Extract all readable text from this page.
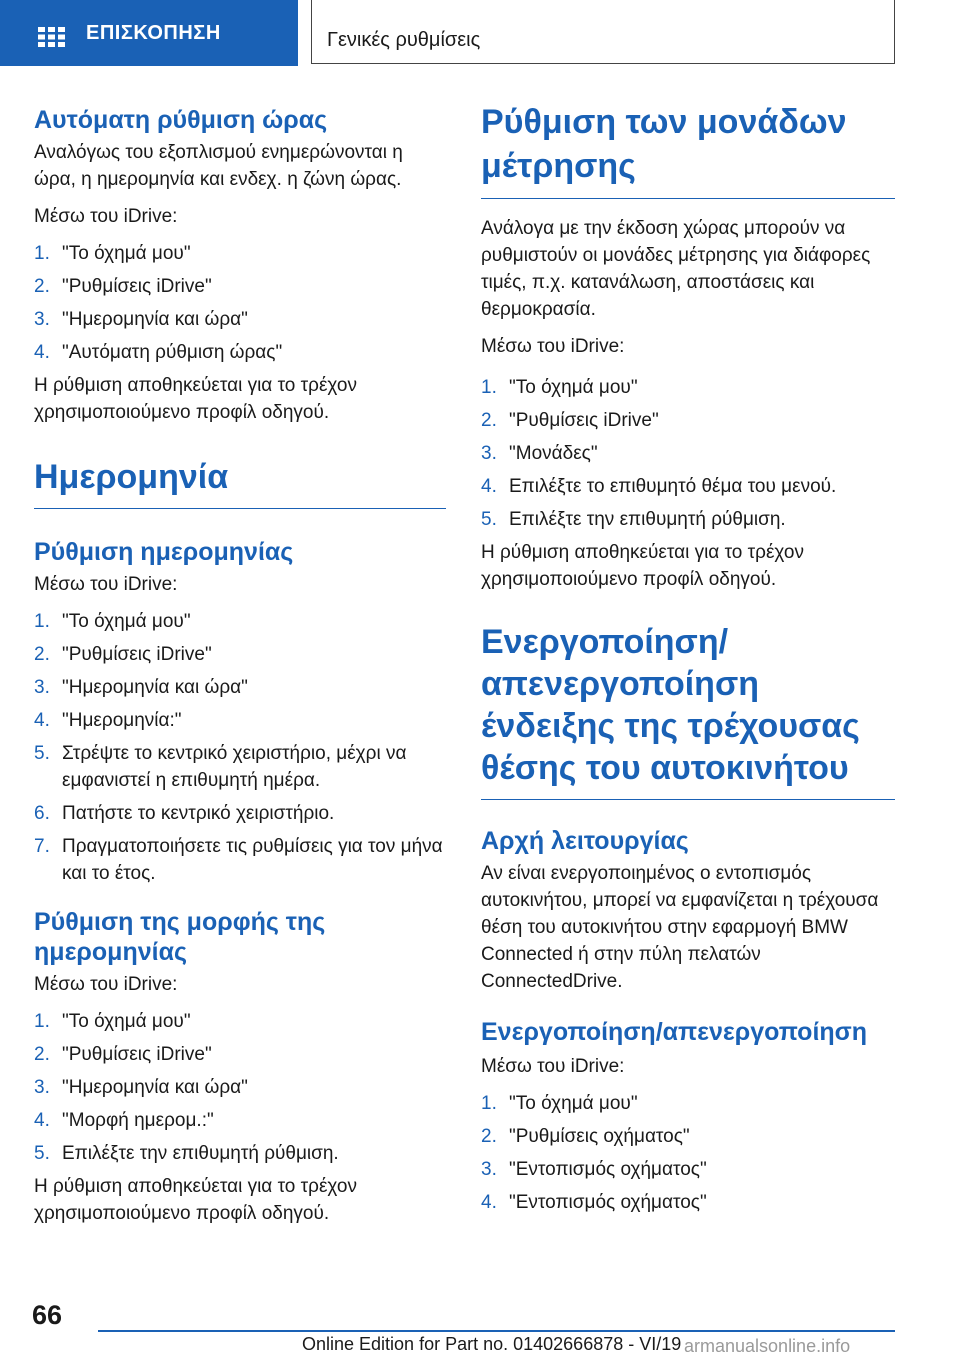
ΕΠΙΣΚΟΠΗΣΗ	Γενικές ρυθμίσεις
Αυτόματη ρύθμιση ώρας

Αναλόγως του εξοπλισμού ενημερώνονται η ώρα, η ημερομηνία και ενδεχ. η ζώνη ώρας.

Μέσω του iDrive:

1. "Το όχημά μου"
2. "Ρυθμίσεις iDrive"
3. "Ημερομηνία και ώρα"
4. "Αυτόματη ρύθμιση ώρας"

Η ρύθμιση αποθηκεύεται για το τρέχον χρησιμοποιούμενο προφίλ οδηγού.

Ημερομηνία
Ρύθμιση ημερομηνίας

Μέσω του iDrive:

1. "Το όχημά μου"
2. "Ρυθμίσεις iDrive"
3. "Ημερομηνία και ώρα"
4. "Ημερομηνία:"
5. Στρέψτε το κεντρικό χειριστήριο, μέχρι να εμφανιστεί η επιθυμητή ημέρα.
6. Πατήστε το κεντρικό χειριστήριο.
7. Πραγματοποιήσετε τις ρυθμίσεις για τον μήνα και το έτος.
Ρύθμιση της μορφής της ημερομηνίας

Μέσω του iDrive:

1. "Το όχημά μου"
2. "Ρυθμίσεις iDrive"
3. "Ημερομηνία και ώρα"
4. "Μορφή ημερομ.:"
5. Επιλέξτε την επιθυμητή ρύθμιση.

Η ρύθμιση αποθηκεύεται για το τρέχον χρησιμοποιούμενο προφίλ οδηγού.

Ρύθμιση των μονάδων μέτρησης

Ανάλογα με την έκδοση χώρας μπορούν να ρυθμιστούν οι μονάδες μέτρησης για διάφορες τιμές, π.χ. κατανάλωση, αποστάσεις και θερμοκρασία.

Μέσω του iDrive:

1. "Το όχημά μου"
2. "Ρυθμίσεις iDrive"
3. "Μονάδες"
4. Επιλέξτε το επιθυμητό θέμα του μενού.
5. Επιλέξτε την επιθυμητή ρύθμιση.

Η ρύθμιση αποθηκεύεται για το τρέχον χρησιμοποιούμενο προφίλ οδηγού.

Ενεργοποίηση/απενεργοποίηση ένδειξης της τρέχουσας θέσης του αυτοκινήτου
Αρχή λειτουργίας

Αν είναι ενεργοποιημένος ο εντοπισμός αυτοκινήτου, μπορεί να εμφανίζεται η τρέχουσα θέση του αυτοκινήτου στην εφαρμογή BMW Connected ή στην πύλη πελατών ConnectedDrive.

Ενεργοποίηση/απενεργοποίηση

Μέσω του iDrive:

1. "Το όχημά μου"
2. "Ρυθμίσεις οχήματος"
3. "Εντοπισμός οχήματος"
4. "Εντοπισμός οχήματος"
66
Online Edition for Part no. 01402666878 - VI/19 armanualsonline.info
